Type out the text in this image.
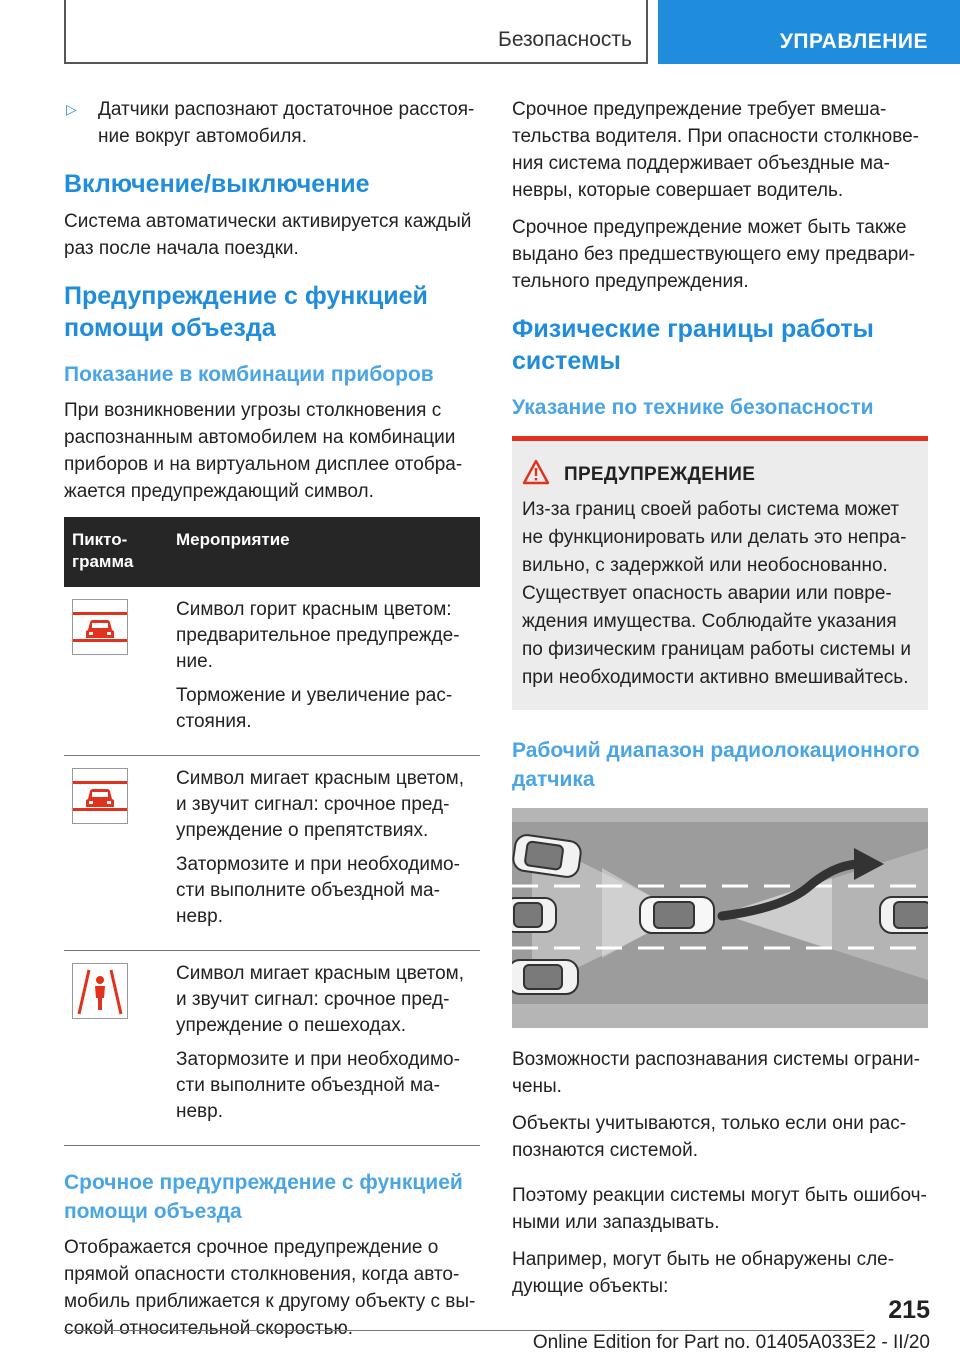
Безопасность	УПРАВЛЕНИЕ
▷	Датчики распознают достаточное расстояние вокруг автомобиля.
Включение/выключение

Система автоматически активируется каждый раз после начала поездки.

Предупреждение с функцией помощи объезда
Показание в комбинации приборов

При возникновении угрозы столкновения с распознанным автомобилем на комбинации приборов и на виртуальном дисплее отображается предупреждающий символ.

Пиктограмма	Мероприятие

Символ горит красным цветом: предварительное предупреждение.

Торможение и увеличение расстояния.

Символ мигает красным цветом, и звучит сигнал: срочное предупреждение о препятствиях.

Затормозите и при необходимости выполните объездной маневр.

Символ мигает красным цветом, и звучит сигнал: срочное предупреждение о пешеходах.

Затормозите и при необходимости выполните объездной маневр.

Срочное предупреждение с функцией помощи объезда

Отображается срочное предупреждение о прямой опасности столкновения, когда автомобиль приближается к другому объекту с высокой относительной скоростью.

Срочное предупреждение требует вмешательства водителя. При опасности столкновения система поддерживает объездные маневры, которые совершает водитель.

Срочное предупреждение может быть также выдано без предшествующего ему предварительного предупреждения.

Физические границы работы системы
Указание по технике безопасности
ПРЕДУПРЕЖДЕНИЕ

Из-за границ своей работы система может не функционировать или делать это неправильно, с задержкой или необоснованно. Существует опасность аварии или повреждения имущества. Соблюдайте указания по физическим границам работы системы и при необходимости активно вмешивайтесь.

Рабочий диапазон радиолокационного датчика

Возможности распознавания системы ограничены.

Объекты учитываются, только если они распознаются системой.

Поэтому реакции системы могут быть ошибочными или запаздывать.

Например, могут быть не обнаружены следующие объекты:

215
Online Edition for Part no. 01405A033E2 - II/20
